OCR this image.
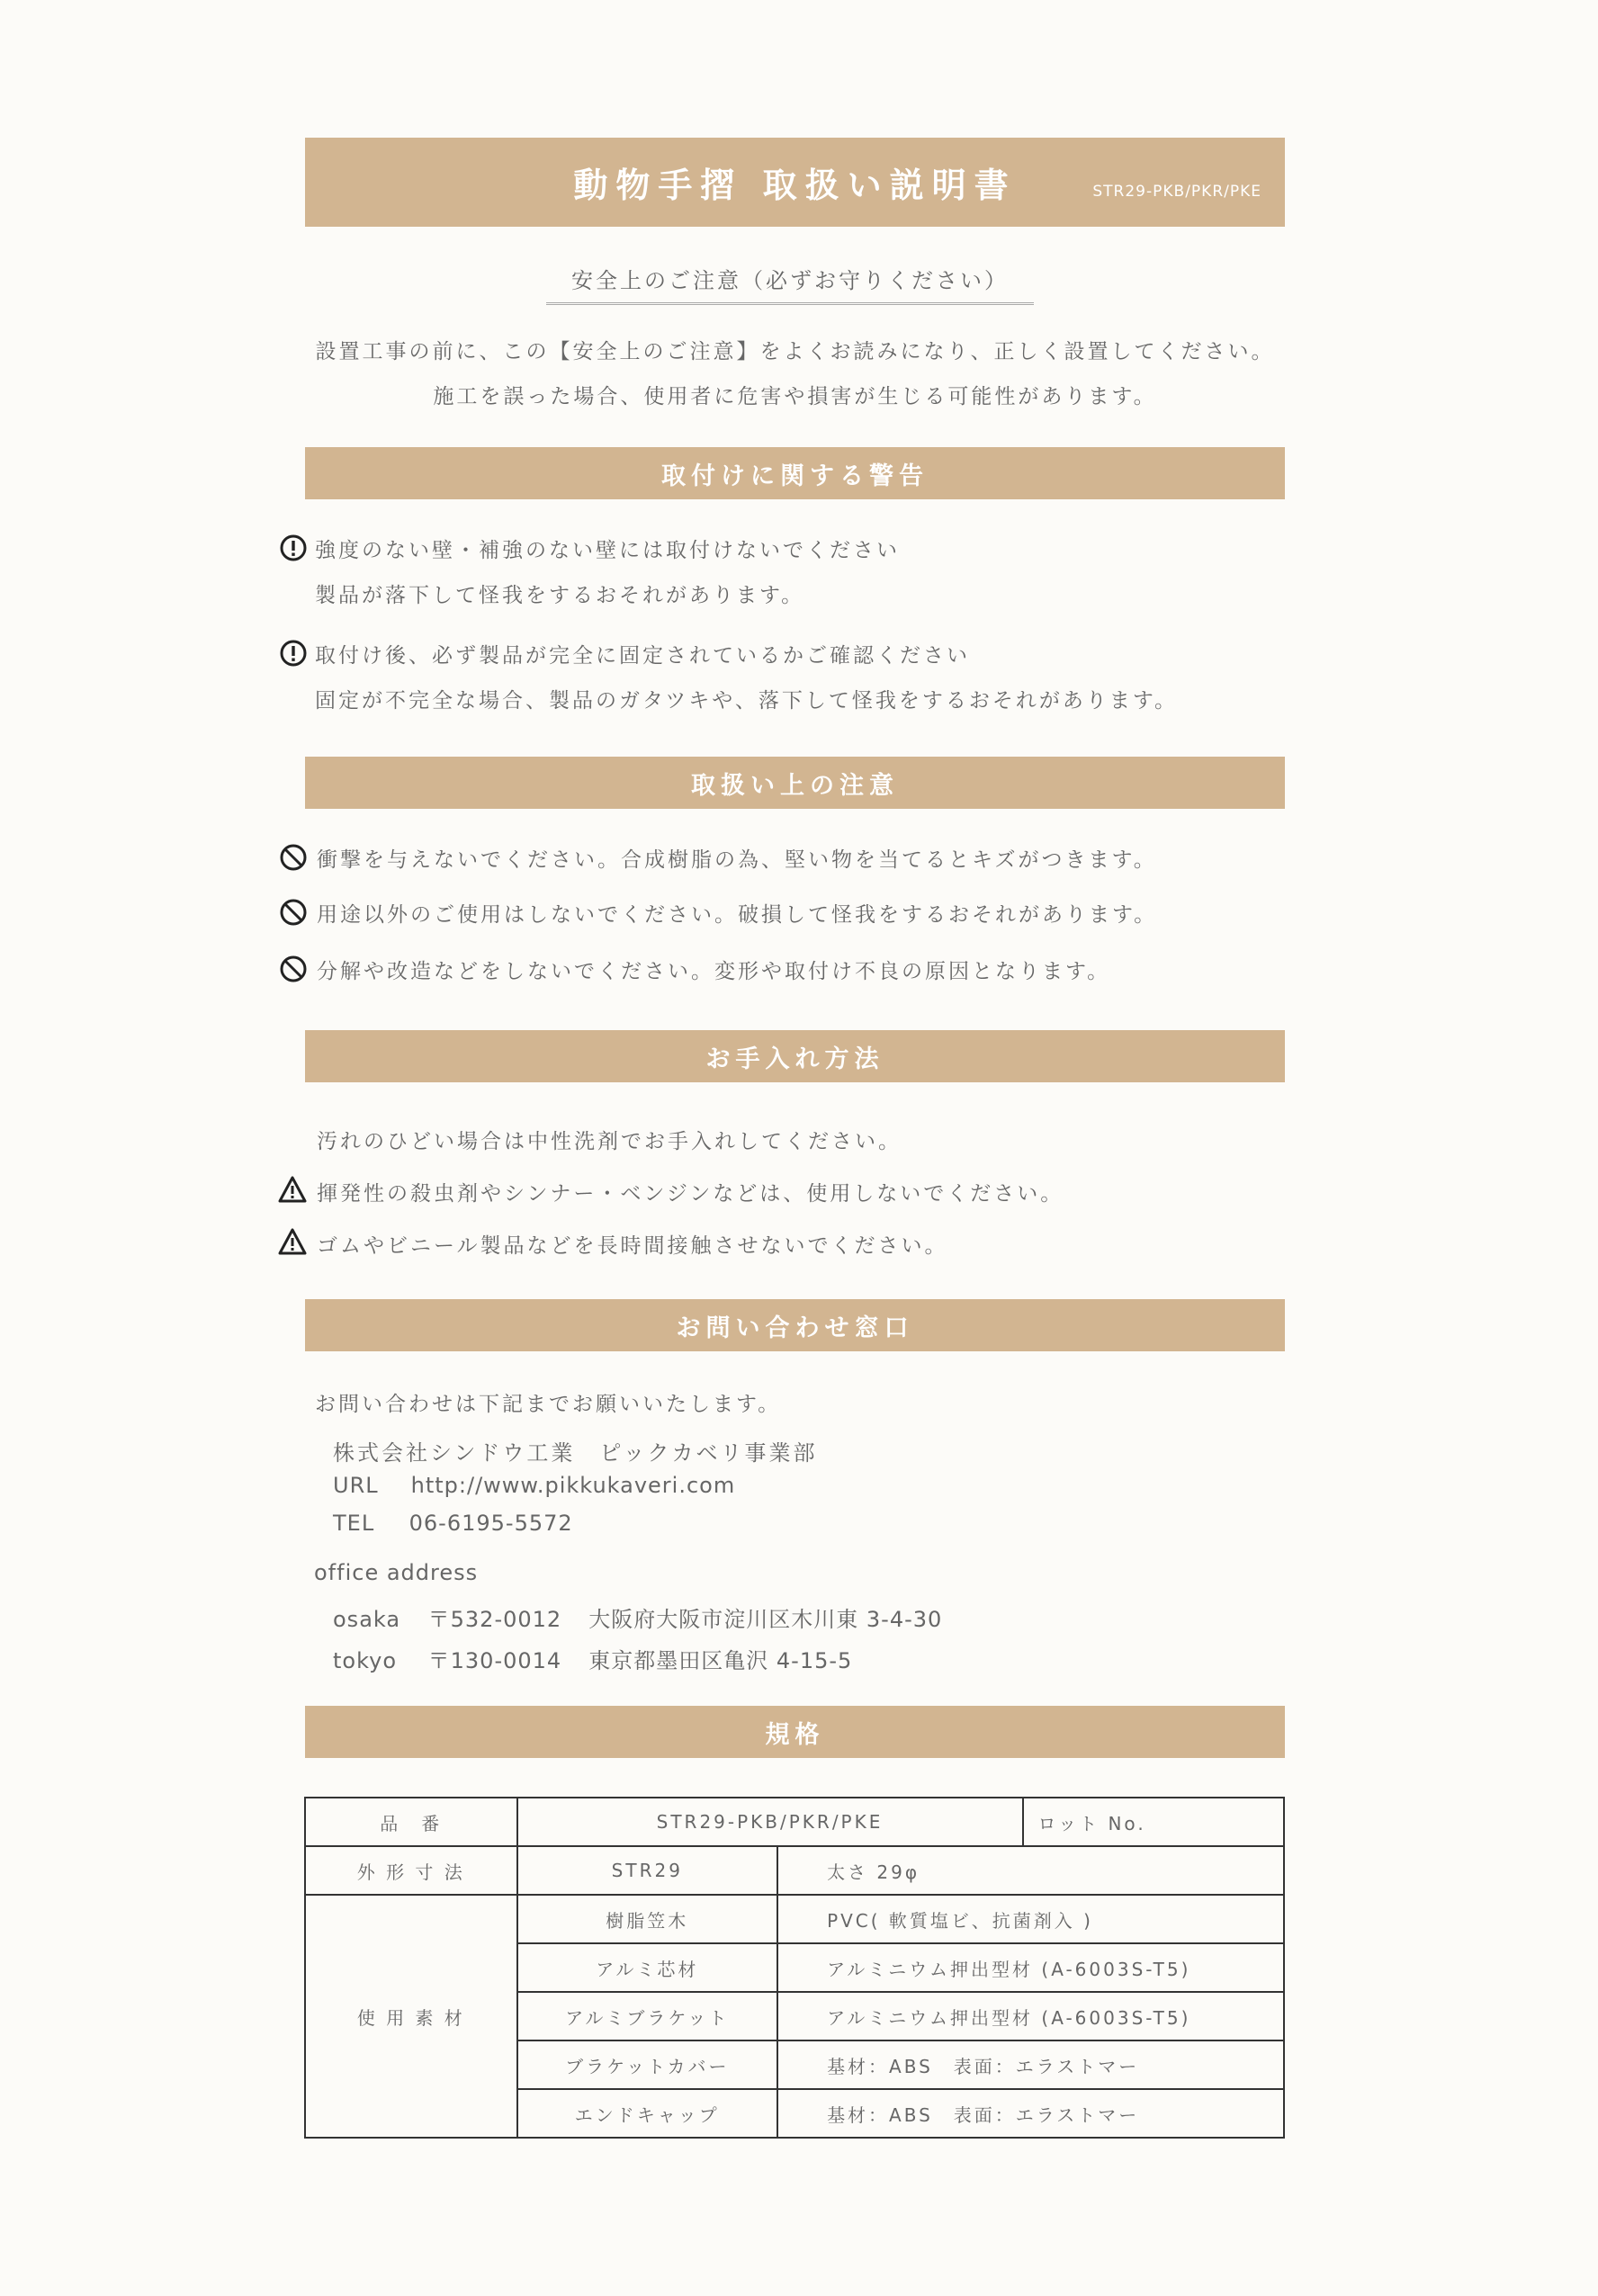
動物手摺 取扱い説明書	STR29-PKB/PKR/PKE
安全上のご注意（必ずお守りください）
設置工事の前に、この【安全上のご注意】をよくお読みになり、正しく設置してください。
施工を誤った場合、使用者に危害や損害が生じる可能性があります。
取付けに関する警告
強度のない壁・補強のない壁には取付けないでください
製品が落下して怪我をするおそれがあります。
取付け後、必ず製品が完全に固定されているかご確認ください
固定が不完全な場合、製品のガタツキや、落下して怪我をするおそれがあります。
取扱い上の注意
衝撃を与えないでください。合成樹脂の為、堅い物を当てるとキズがつきます。
用途以外のご使用はしないでください。破損して怪我をするおそれがあります。
分解や改造などをしないでください。変形や取付け不良の原因となります。
お手入れ方法
汚れのひどい場合は中性洗剤でお手入れしてください。
揮発性の殺虫剤やシンナー・ベンジンなどは、使用しないでください。
ゴムやビニール製品などを長時間接触させないでください。
お問い合わせ窓口
お問い合わせは下記までお願いいたします。
株式会社シンドウ工業　ピックカベリ事業部
URL http://www.pikkukaveri.com
TEL 06-6195-5572
office address
osaka 〒532-0012 大阪府大阪市淀川区木川東 3-4-30
tokyo 〒130-0014 東京都墨田区亀沢 4-15-5
規格
品　番	STR29-PKB/PKR/PKE		ロット No.
外 形 寸 法	STR29	太さ 29φ	
使 用 素 材	樹脂笠木	PVC( 軟質塩ビ、抗菌剤入 )	
	アルミ芯材	アルミニウム押出型材 (A-6003S-T5)	
	アルミブラケット	アルミニウム押出型材 (A-6003S-T5)	
	ブラケットカバー	基材：ABS　表面：エラストマー	
	エンドキャップ	基材：ABS　表面：エラストマー	
